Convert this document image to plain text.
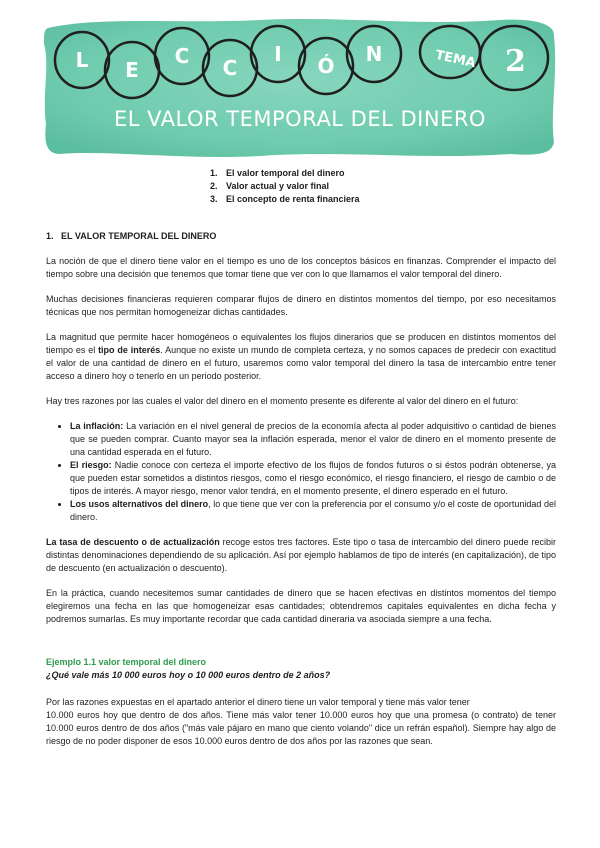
L E
C C
I Ó N	TEMA 2
EL VALOR TEMPORAL DEL DINERO
1. El valor temporal del dinero
2. Valor actual y valor final
3. El concepto de renta financiera

1. EL VALOR TEMPORAL DEL DINERO

La noción de que el dinero tiene valor en el tiempo es uno de los conceptos básicos en finanzas. Comprender el impacto del tiempo sobre una decisión que tenemos que tomar tiene que ver con lo que llamamos el valor temporal del dinero.

Muchas decisiones financieras requieren comparar flujos de dinero en distintos momentos del tiempo, por eso necesitamos técnicas que nos permitan homogeneizar dichas cantidades.

La magnitud que permite hacer homogéneos o equivalentes los flujos dinerarios que se producen en distintos momentos del tiempo es el tipo de interés. Aunque no existe un mundo de completa certeza, y no somos capaces de predecir con exactitud el valor de una cantidad de dinero en el futuro, usaremos como valor temporal del dinero la tasa de intercambio entre tener acceso a dinero hoy o tenerlo en un periodo posterior.

Hay tres razones por las cuales el valor del dinero en el momento presente es diferente al valor del dinero en el futuro:

• La inflación: La variación en el nivel general de precios de la economía afecta al poder adquisitivo o cantidad de bienes que se pueden comprar. Cuanto mayor sea la inflación esperada, menor el valor de dinero en el momento presente de una cantidad esperada en el futuro.
• El riesgo: Nadie conoce con certeza el importe efectivo de los flujos de fondos futuros o si éstos podrán obtenerse, ya que pueden estar sometidos a distintos riesgos, como el riesgo económico, el riesgo financiero, el riesgo de cambio o de tipos de interés. A mayor riesgo, menor valor tendrá, en el momento presente, el dinero esperado en el futuro.
• Los usos alternativos del dinero, lo que tiene que ver con la preferencia por el consumo y/o el coste de oportunidad del dinero.

La tasa de descuento o de actualización recoge estos tres factores. Este tipo o tasa de intercambio del dinero puede recibir distintas denominaciones dependiendo de su aplicación. Así por ejemplo hablamos de tipo de interés (en capitalización), de tipo de descuento (en actualización o descuento).

En la práctica, cuando necesitemos sumar cantidades de dinero que se hacen efectivas en distintos momentos del tiempo elegiremos una fecha en las que homogeneizar esas cantidades; obtendremos capitales equivalentes en dicha fecha y podremos sumarlas. Es muy importante recordar que cada cantidad dineraria va asociada siempre a una fecha.

Ejemplo 1.1 valor temporal del dinero

¿Qué vale más 10 000 euros hoy o 10 000 euros dentro de 2 años?

Por las razones expuestas en el apartado anterior el dinero tiene un valor temporal y tiene más valor tener
10.000 euros hoy que dentro de dos años. Tiene más valor tener 10.000 euros hoy que una promesa (o contrato) de tener 10.000 euros dentro de dos años ("más vale pájaro en mano que ciento volando" dice un refrán español). Siempre hay algo de riesgo de no poder disponer de esos 10.000 euros dentro de dos años por las razones que sean.
